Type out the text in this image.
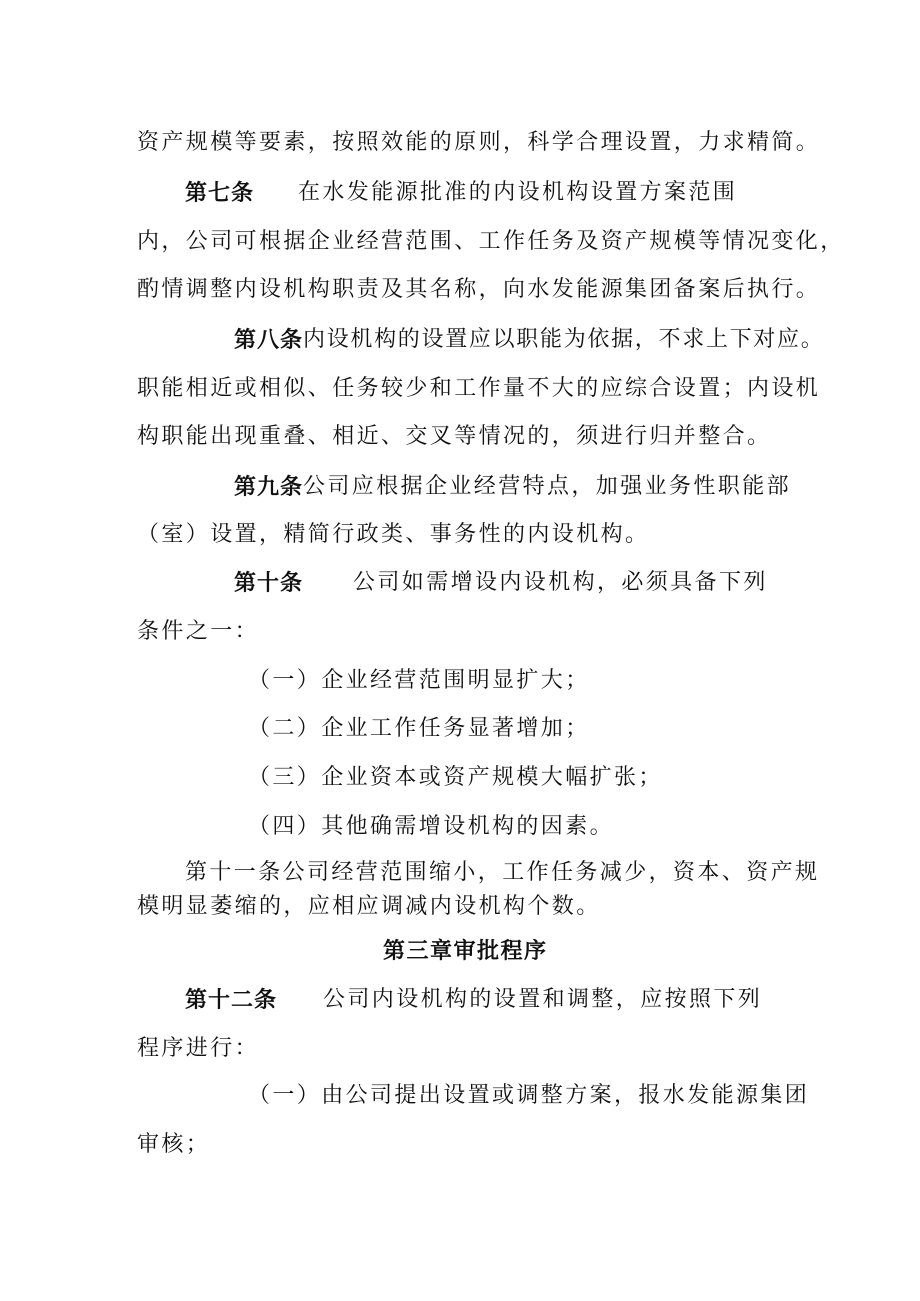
资产规模等要素，按照效能的原则，科学合理设置，力求精简。
第七条 在水发能源批准的内设机构设置方案范围
内，公司可根据企业经营范围、工作任务及资产规模等情况变化，
酌情调整内设机构职责及其名称，向水发能源集团备案后执行。
第八条 内设机构的设置应以职能为依据，不求上下对应。
职能相近或相似、任务较少和工作量不大的应综合设置；内设机
构职能出现重叠、相近、交叉等情况的，须进行归并整合。
第九条 公司应根据企业经营特点，加强业务性职能部
（室）设置，精简行政类、事务性的内设机构。
第十条 公司如需增设内设机构，必须具备下列
条件之一：
（一）企业经营范围明显扩大；
（二）企业工作任务显著增加；
（三）企业资本或资产规模大幅扩张；
（四）其他确需增设机构的因素。
第十一条公司经营范围缩小，工作任务减少，资本、资产规
模明显萎缩的，应相应调减内设机构个数。
第三章审批程序
第十二条 公司内设机构的设置和调整，应按照下列
程序进行：
（一）由公司提出设置或调整方案，报水发能源集团
审核；
